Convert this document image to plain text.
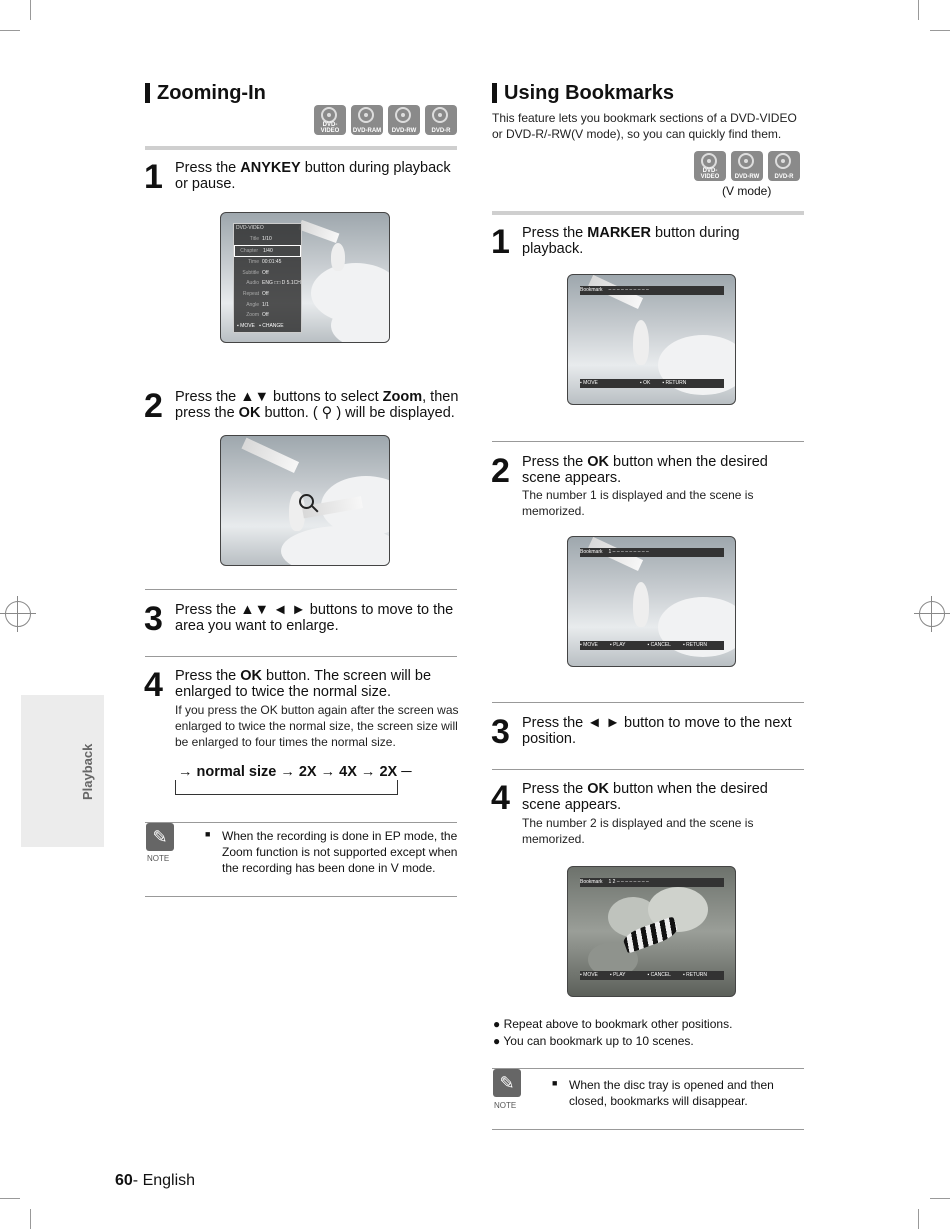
Playback
Zooming-In
DVD-VIDEO	DVD-RAM	DVD-RW	DVD-R
1 Press the ANYKEY button during playback or pause.
DVD-VIDEO
Title 1/10
Chapter 1/40
Time 00:01:45
Subtitle Off
Audio ENG □□ D 5.1CH
Repeat Off
Angle 1/1
Zoom Off
▪ MOVE   ▪ CHANGE
2 Press the ▲▼ buttons to select Zoom, then
press the OK button. ( ⚲ ) will be displayed.
3 Press the ▲▼ ◄ ► buttons to move to the area you want to enlarge.
4 Press the OK button. The screen will be enlarged to twice the normal size.
If you press the OK button again after the screen was enlarged to twice the normal size, the screen size will be enlarged to four times the normal size.
→ normal size → 2X → 4X → 2X ─
✎
NOTE
■ When the recording is done in EP mode, the Zoom function is not supported except when the recording has been done in V mode.
Using Bookmarks
This feature lets you bookmark sections of a DVD-VIDEO or DVD-R/-RW(V mode), so you can quickly find them.
DVD-VIDEO	DVD-RW	DVD-R
(V mode)
1 Press the MARKER button during playback.
Bookmark – – – – – – – – – –
▪ MOVE	▪ OK ▪ RETURN
2 Press the OK button when the desired scene appears.
The number 1 is displayed and the scene is memorized.
Bookmark 1 – – – – – – – – –
▪ MOVE ▪ PLAY	▪ CANCEL ▪ RETURN
3 Press the ◄ ► button to move to the next position.
4 Press the OK button when the desired scene appears.
The number 2 is displayed and the scene is memorized.
Bookmark 1 2 – – – – – – – –
▪ MOVE ▪ PLAY	▪ CANCEL ▪ RETURN
● Repeat above to bookmark other positions.
● You can bookmark up to 10 scenes.
✎
NOTE
■ When the disc tray is opened and then closed, bookmarks will disappear.
60- English
